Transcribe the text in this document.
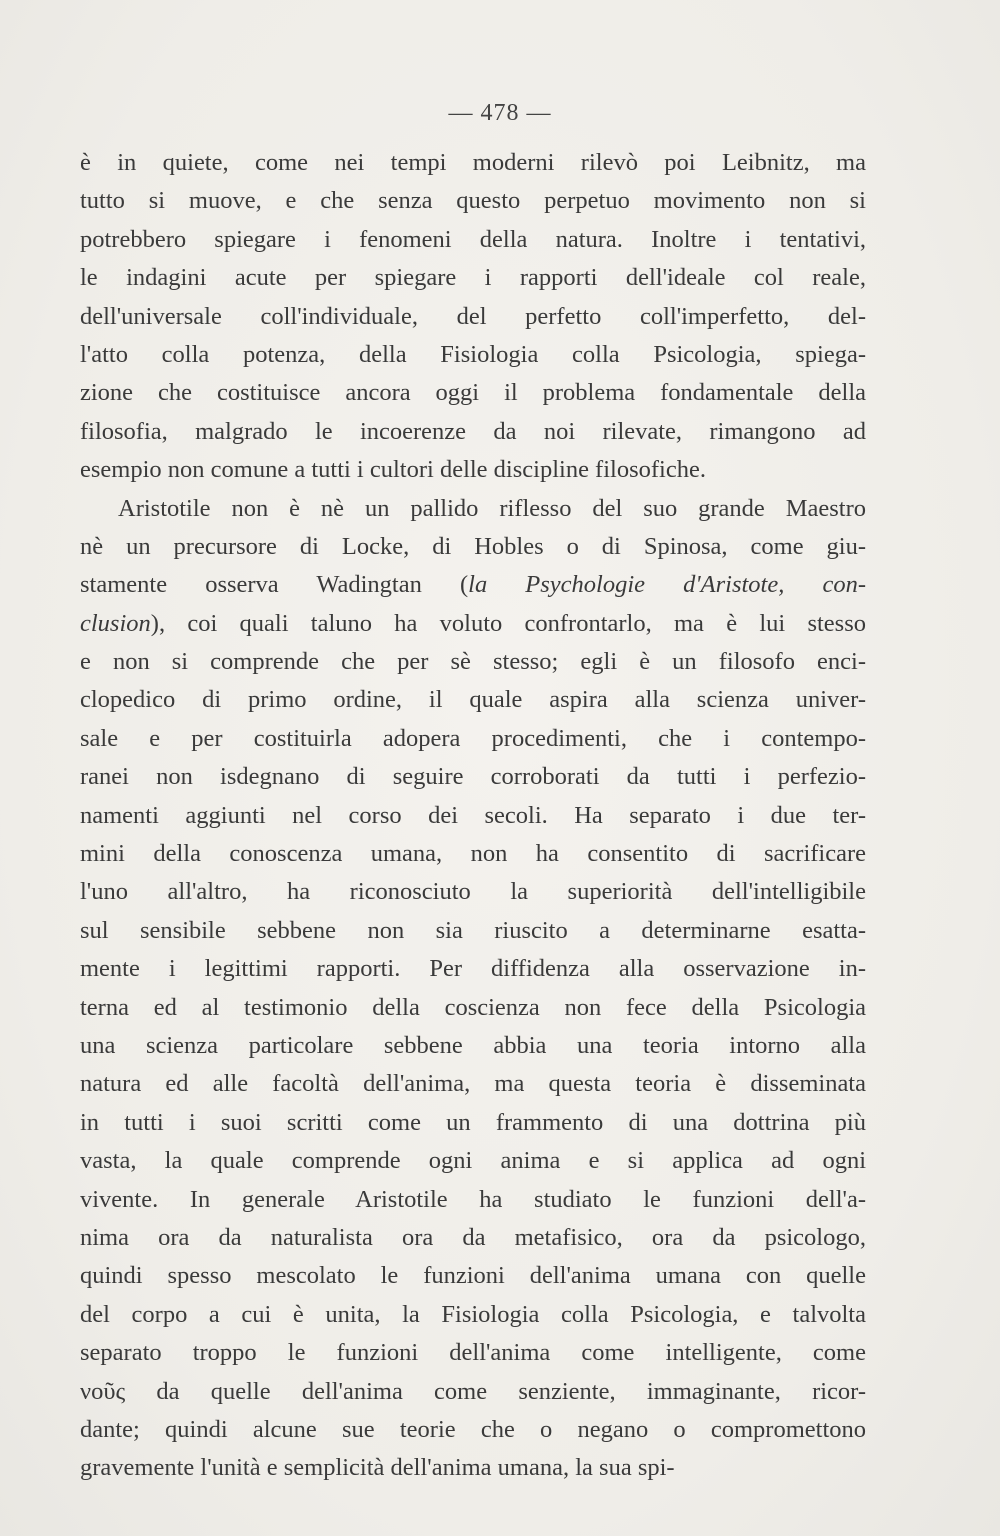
— 478 —
è in quiete, come nei tempi moderni rilevò poi Leibnitz, ma
tutto si muove, e che senza questo perpetuo movimento non si
potrebbero spiegare i fenomeni della natura. Inoltre i tentativi,
le indagini acute per spiegare i rapporti dell'ideale col reale,
dell'universale coll'individuale, del perfetto coll'imperfetto, del-
l'atto colla potenza, della Fisiologia colla Psicologia, spiega-
zione che costituisce ancora oggi il problema fondamentale della
filosofia, malgrado le incoerenze da noi rilevate, rimangono ad
esempio non comune a tutti i cultori delle discipline filosofiche.
Aristotile non è nè un pallido riflesso del suo grande Maestro
nè un precursore di Locke, di Hobles o di Spinosa, come giu-
stamente osserva Wadingtan (la Psychologie d'Aristote, con-
clusion), coi quali taluno ha voluto confrontarlo, ma è lui stesso
e non si comprende che per sè stesso; egli è un filosofo enci-
clopedico di primo ordine, il quale aspira alla scienza univer-
sale e per costituirla adopera procedimenti, che i contempo-
ranei non isdegnano di seguire corroborati da tutti i perfezio-
namenti aggiunti nel corso dei secoli. Ha separato i due ter-
mini della conoscenza umana, non ha consentito di sacrificare
l'uno all'altro, ha riconosciuto la superiorità dell'intelligibile
sul sensibile sebbene non sia riuscito a determinarne esatta-
mente i legittimi rapporti. Per diffidenza alla osservazione in-
terna ed al testimonio della coscienza non fece della Psicologia
una scienza particolare sebbene abbia una teoria intorno alla
natura ed alle facoltà dell'anima, ma questa teoria è disseminata
in tutti i suoi scritti come un frammento di una dottrina più
vasta, la quale comprende ogni anima e si applica ad ogni
vivente. In generale Aristotile ha studiato le funzioni dell'a-
nima ora da naturalista ora da metafisico, ora da psicologo,
quindi spesso mescolato le funzioni dell'anima umana con quelle
del corpo a cui è unita, la Fisiologia colla Psicologia, e talvolta
separato troppo le funzioni dell'anima come intelligente, come
νοῦς da quelle dell'anima come senziente, immaginante, ricor-
dante; quindi alcune sue teorie che o negano o compromettono
gravemente l'unità e semplicità dell'anima umana, la sua spi-
